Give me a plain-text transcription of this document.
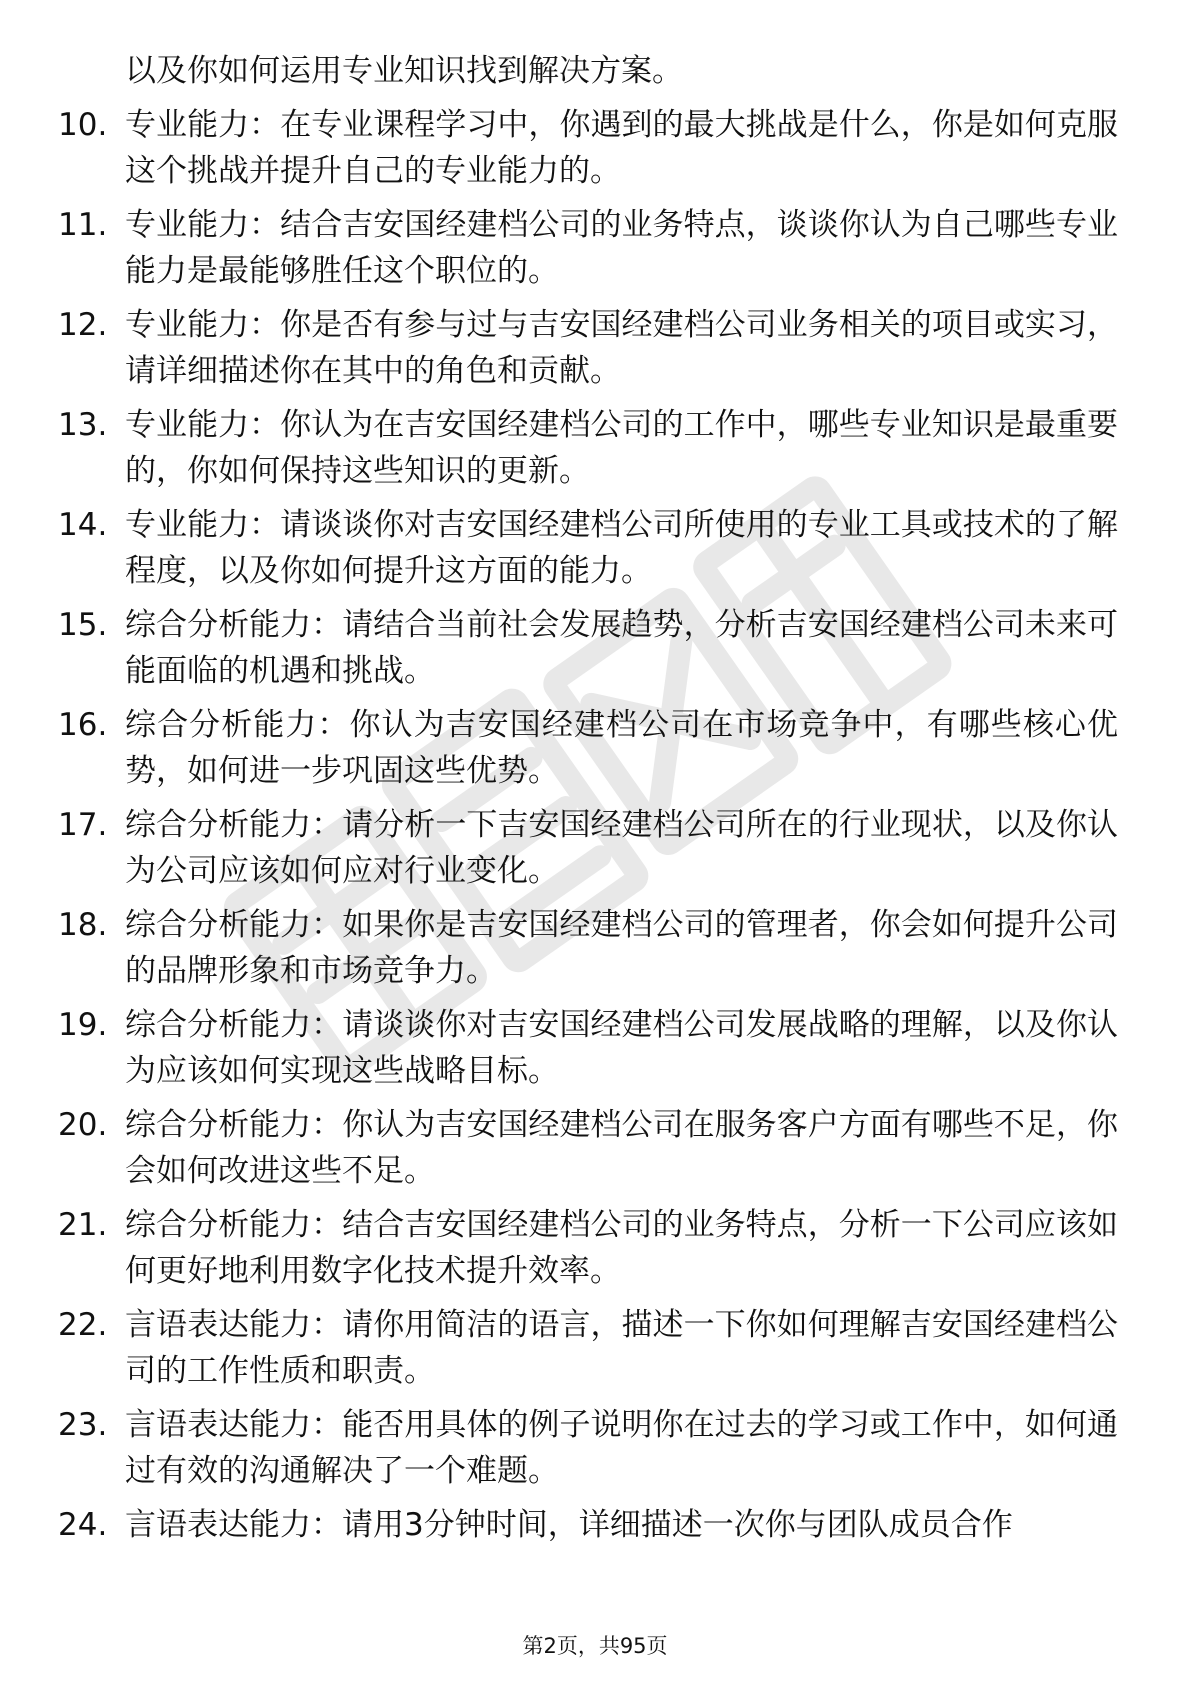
以及你如何运用专业知识找到解决方案。

10. 专业能力：在专业课程学习中，你遇到的最大挑战是什么，你是如何克服这个挑战并提升自己的专业能力的。
11. 专业能力：结合吉安国经建档公司的业务特点，谈谈你认为自己哪些专业能力是最能够胜任这个职位的。
12. 专业能力：你是否有参与过与吉安国经建档公司业务相关的项目或实习，请详细描述你在其中的角色和贡献。
13. 专业能力：你认为在吉安国经建档公司的工作中，哪些专业知识是最重要的，你如何保持这些知识的更新。
14. 专业能力：请谈谈你对吉安国经建档公司所使用的专业工具或技术的了解程度，以及你如何提升这方面的能力。
15. 综合分析能力：请结合当前社会发展趋势，分析吉安国经建档公司未来可能面临的机遇和挑战。
16. 综合分析能力：你认为吉安国经建档公司在市场竞争中，有哪些核心优势，如何进一步巩固这些优势。
17. 综合分析能力：请分析一下吉安国经建档公司所在的行业现状，以及你认为公司应该如何应对行业变化。
18. 综合分析能力：如果你是吉安国经建档公司的管理者，你会如何提升公司的品牌形象和市场竞争力。
19. 综合分析能力：请谈谈你对吉安国经建档公司发展战略的理解，以及你认为应该如何实现这些战略目标。
20. 综合分析能力：你认为吉安国经建档公司在服务客户方面有哪些不足，你会如何改进这些不足。
21. 综合分析能力：结合吉安国经建档公司的业务特点，分析一下公司应该如何更好地利用数字化技术提升效率。
22. 言语表达能力：请你用简洁的语言，描述一下你如何理解吉安国经建档公司的工作性质和职责。
23. 言语表达能力：能否用具体的例子说明你在过去的学习或工作中，如何通过有效的沟通解决了一个难题。
24. 言语表达能力：请用3分钟时间，详细描述一次你与团队成员合作
第2页，共95页
